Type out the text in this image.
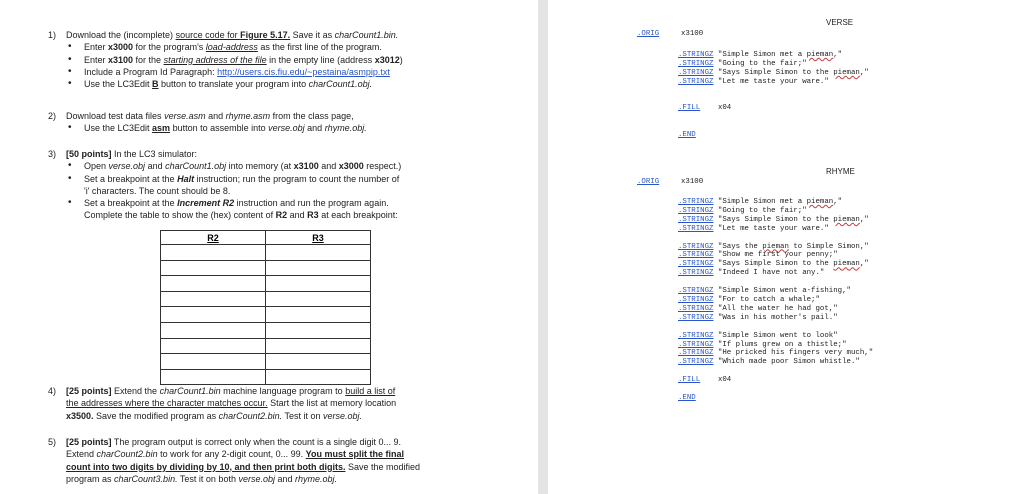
1) Download the (incomplete) source code for Figure 5.17. Save it as charCount1.bin.
• Enter x3000 for the program's load-address as the first line of the program.
• Enter x3100 for the starting address of the file in the empty line (address x3012)
• Include a Program Id Paragraph: http://users.cis.fiu.edu/~pestaina/asmpip.txt
• Use the LC3Edit B button to translate your program into charCount1.obj.
2) Download test data files verse.asm and rhyme.asm from the class page,
• Use the LC3Edit asm button to assemble into verse.obj and rhyme.obj.
3) [50 points] In the LC3 simulator:
• Open verse.obj and charCount1.obj into memory (at x3100 and x3000 respect.)
• Set a breakpoint at the Halt instruction; run the program to count the number of
'i' characters. The count should be 8.
• Set a breakpoint at the Increment R2 instruction and run the program again.
Complete the table to show the (hex) content of R2 and R3 at each breakpoint:
R2	R3

4) [25 points] Extend the charCount1.bin machine language program to build a list of
the addresses where the character matches occur. Start the list at memory location
x3500. Save the modified program as charCount2.bin. Test it on verse.obj.
5) [25 points] The program output is correct only when the count is a single digit 0... 9.
Extend charCount2.bin to work for any 2-digit count, 0... 99. You must split the final
count into two digits by dividing by 10, and then print both digits. Save the modified
program as charCount3.bin. Test it on both verse.obj and rhyme.obj.
VERSE
.ORIG	x3100
.STRINGZ "Simple Simon met a pieman,"
.STRINGZ "Going to the fair;"
.STRINGZ "Says Simple Simon to the pieman,"
.STRINGZ "Let me taste your ware."

.FILL x04

.END
RHYME
.ORIG	x3100
.STRINGZ "Simple Simon met a pieman,"
.STRINGZ "Going to the fair;"
.STRINGZ "Says Simple Simon to the pieman,"
.STRINGZ "Let me taste your ware."

.STRINGZ "Says the pieman to Simple Simon,"
.STRINGZ "Show me first your penny;"
.STRINGZ "Says Simple Simon to the pieman,"
.STRINGZ "Indeed I have not any."

.STRINGZ "Simple Simon went a-fishing,"
.STRINGZ "For to catch a whale;"
.STRINGZ "All the water he had got,"
.STRINGZ "Was in his mother's pail."

.STRINGZ "Simple Simon went to look"
.STRINGZ "If plums grew on a thistle;"
.STRINGZ "He pricked his fingers very much,"
.STRINGZ "Which made poor Simon whistle."

.FILL x04

.END
